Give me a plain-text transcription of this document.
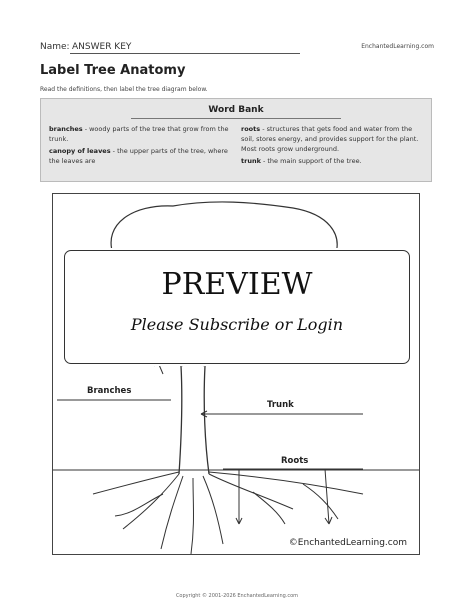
Name: ANSWER KEY	EnchantedLearning.com
Label Tree Anatomy
Read the definitions, then label the tree diagram below.
Word Bank
branches - woody parts of the tree that grow from the trunk.
canopy of leaves - the upper parts of the tree, where the leaves are
roots - structures that gets food and water from the soil, stores energy, and provides support for the plant. Most roots grow underground.
trunk - the main support of the tree.
Branches
Trunk
Roots
©EnchantedLearning.com
PREVIEW
Please Subscribe or Login
Copyright © 2001-2026 EnchantedLearning.com
